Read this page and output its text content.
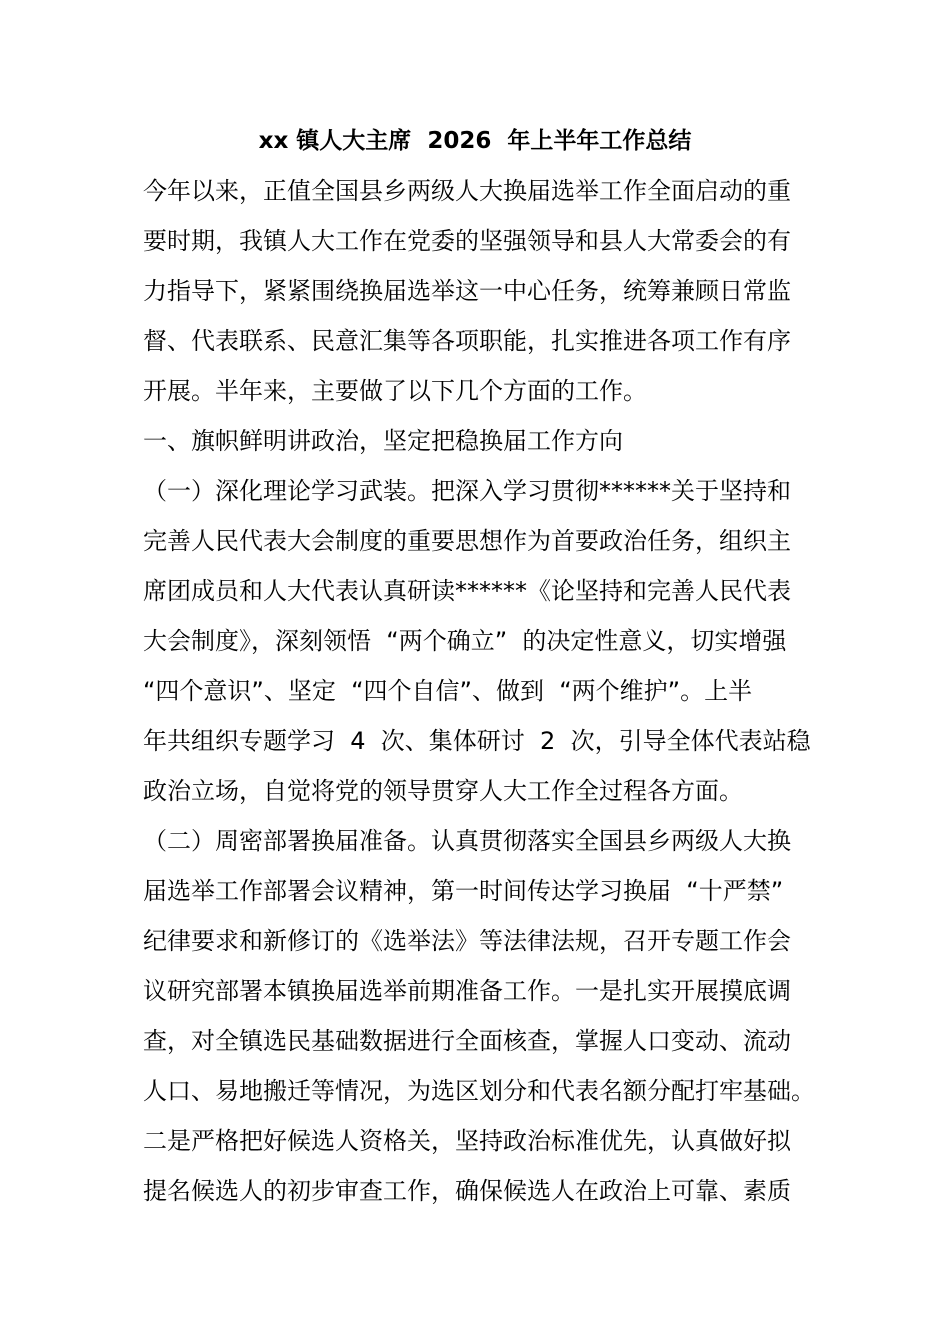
xx 镇人大主席  2026  年上半年工作总结
今年以来，正值全国县乡两级人大换届选举工作全面启动的重
要时期，我镇人大工作在党委的坚强领导和县人大常委会的有
力指导下，紧紧围绕换届选举这一中心任务，统筹兼顾日常监
督、代表联系、民意汇集等各项职能，扎实推进各项工作有序
开展。半年来，主要做了以下几个方面的工作。
一、旗帜鲜明讲政治，坚定把稳换届工作方向
（一）深化理论学习武装。把深入学习贯彻******关于坚持和
完善人民代表大会制度的重要思想作为首要政治任务，组织主
席团成员和人大代表认真研读******《论坚持和完善人民代表
大会制度》，深刻领悟  “两个确立”  的决定性意义，切实增强
“四个意识”、坚定  “四个自信”、做到  “两个维护”。上半
年共组织专题学习  4  次、集体研讨  2  次，引导全体代表站稳
政治立场，自觉将党的领导贯穿人大工作全过程各方面。
（二）周密部署换届准备。认真贯彻落实全国县乡两级人大换
届选举工作部署会议精神，第一时间传达学习换届  “十严禁”
纪律要求和新修订的《选举法》等法律法规，召开专题工作会
议研究部署本镇换届选举前期准备工作。一是扎实开展摸底调
查，对全镇选民基础数据进行全面核查，掌握人口变动、流动
人口、易地搬迁等情况，为选区划分和代表名额分配打牢基础。
二是严格把好候选人资格关，坚持政治标准优先，认真做好拟
提名候选人的初步审查工作，确保候选人在政治上可靠、素质
